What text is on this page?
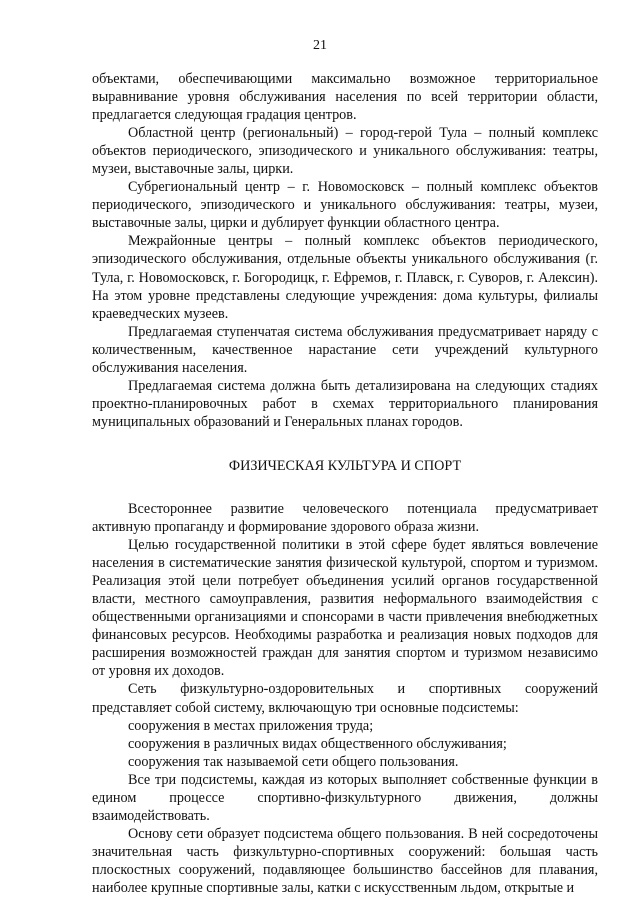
21

объектами, обеспечивающими максимально возможное территориальное выравнивание уровня обслуживания населения по всей территории области, предлагается следующая градация центров.

Областной центр (региональный) – город-герой Тула – полный комплекс объектов периодического, эпизодического и уникального обслуживания: театры, музеи, выставочные залы, цирки.

Субрегиональный центр – г. Новомосковск – полный комплекс объектов периодического, эпизодического и уникального обслуживания: театры, музеи, выставочные залы, цирки и дублирует функции областного центра.

Межрайонные центры – полный комплекс объектов периодического, эпизодического обслуживания, отдельные объекты уникального обслуживания (г. Тула, г. Новомосковск, г. Богородицк, г. Ефремов, г. Плавск, г. Суворов, г. Алексин). На этом уровне представлены следующие учреждения: дома культуры, филиалы краеведческих музеев.

Предлагаемая ступенчатая система обслуживания предусматривает наряду с количественным, качественное нарастание сети учреждений культурного обслуживания населения.

Предлагаемая система должна быть детализирована на следующих стадиях проектно-планировочных работ в схемах территориального планирования муниципальных образований и Генеральных планах городов.

ФИЗИЧЕСКАЯ КУЛЬТУРА И СПОРТ

Всестороннее развитие человеческого потенциала предусматривает активную пропаганду и формирование здорового образа жизни.

Целью государственной политики в этой сфере будет являться вовлечение населения в систематические занятия физической культурой, спортом и туризмом. Реализация этой цели потребует объединения усилий органов государственной власти, местного самоуправления, развития неформального взаимодействия с общественными организациями и спонсорами в части привлечения внебюджетных финансовых ресурсов. Необходимы разработка и реализация новых подходов для расширения возможностей граждан для занятия спортом и туризмом независимо от уровня их доходов.

Сеть физкультурно-оздоровительных и спортивных сооружений представляет собой систему, включающую три основные подсистемы:

сооружения в местах приложения труда;

сооружения в различных видах общественного обслуживания;

сооружения так называемой сети общего пользования.

Все три подсистемы, каждая из которых выполняет собственные функции в едином процессе спортивно-физкультурного движения, должны взаимодействовать.

Основу сети образует подсистема общего пользования. В ней сосредоточены значительная часть физкультурно-спортивных сооружений: большая часть плоскостных сооружений, подавляющее большинство бассейнов для плавания, наиболее крупные спортивные залы, катки с искусственным льдом, открытые и
